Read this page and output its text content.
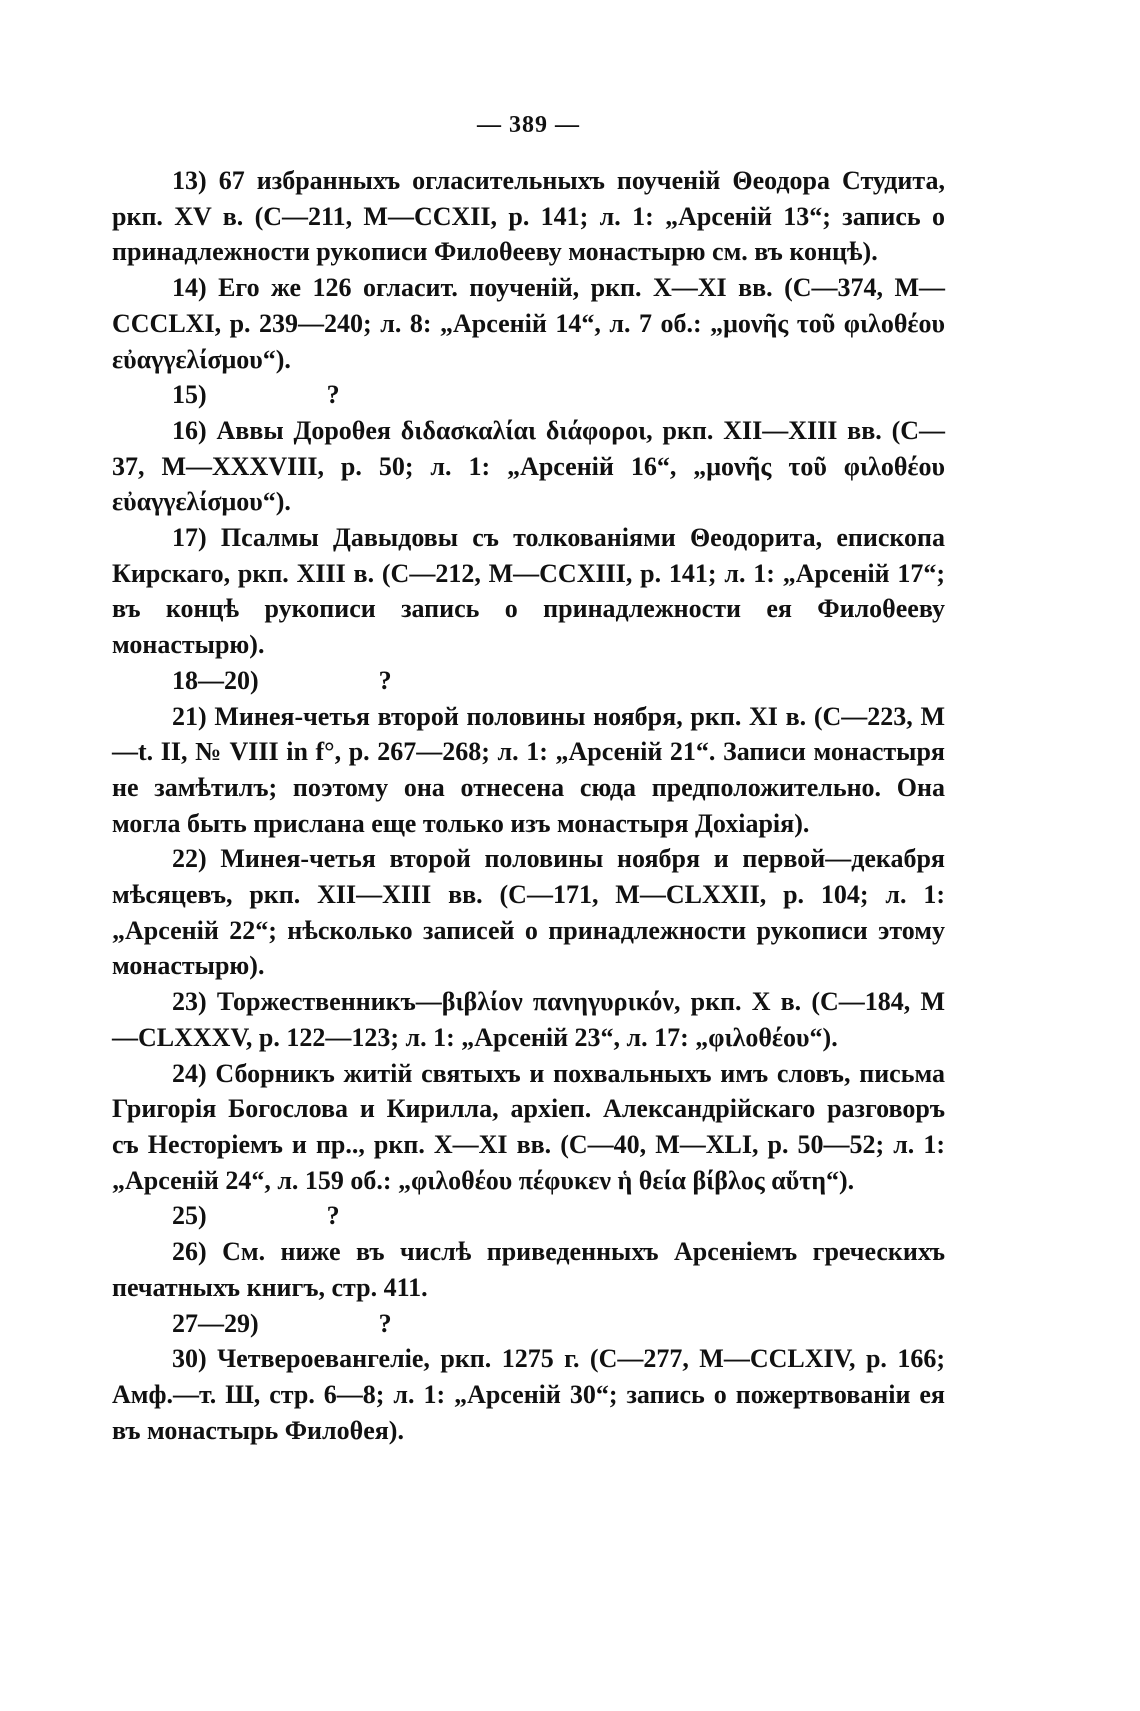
— 389 —

13) 67 избранныхъ огласительныхъ поученій Θеодора Студита, ркп. XV в. (С—211, М—CCXII, p. 141; л. 1: „Арсеній 13“; запись о принадлежности рукописи Филоθееву монастырю см. въ концѣ).

14) Его же 126 огласит. поученій, ркп. X—XI вв. (С—374, М—CCCLXI, p. 239—240; л. 8: „Арсеній 14“, л. 7 об.: „μονῆς τοῦ φιλοθέου εὐαγγελίσμου“).

15)	?

16) Аввы Дороθея διδασκαλίαι διάφοροι, ркп. XII—XIII вв. (С—37, М—XXXVIII, p. 50; л. 1: „Арсеній 16“, „μονῆς τοῦ φιλοθέου εὐαγγελίσμου“).

17) Псалмы Давыдовы съ толкованіями Θеодорита, епископа Кирскаго, ркп. XIII в. (С—212, М—CCXIII, p. 141; л. 1: „Арсеній 17“; въ концѣ рукописи запись о принадлежности ея Филоθееву монастырю).

18—20)	?

21) Минея-четья второй половины ноября, ркп. XI в. (С—223, М—t. II, № VIII in f°, p. 267—268; л. 1: „Арсеній 21“. Записи монастыря не замѣтилъ; поэтому она отнесена сюда предположительно. Она могла быть прислана еще только изъ монастыря Дохіарія).

22) Минея-четья второй половины ноября и первой—декабря мѣсяцевъ, ркп. XII—XIII вв. (С—171, М—CLXXII, p. 104; л. 1: „Арсеній 22“; нѣсколько записей о принадлежности рукописи этому монастырю).

23) Торжественникъ—βιβλίον πανηγυρικόν, ркп. X в. (С—184, М—CLXXXV, p. 122—123; л. 1: „Арсеній 23“, л. 17: „φιλοθέου“).

24) Сборникъ житій святыхъ и похвальныхъ имъ словъ, письма Григорія Богослова и Кирилла, архіеп. Александрійскаго разговоръ съ Несторіемъ и пр.., ркп. X—XI вв. (С—40, М—XLI, p. 50—52; л. 1: „Арсеній 24“, л. 159 об.: „φιλοθέου πέφυκεν ἡ θεία βίβλος αὕτη“).

25)	?

26) См. ниже въ числѣ приведенныхъ Арсеніемъ греческихъ печатныхъ книгъ, стр. 411.

27—29)	?

30) Четвероевангеліе, ркп. 1275 г. (С—277, М—CCLXIV, p. 166; Амф.—т. Ш, стр. 6—8; л. 1: „Арсеній 30“; запись о пожертвованіи ея въ монастырь Филоθея).
